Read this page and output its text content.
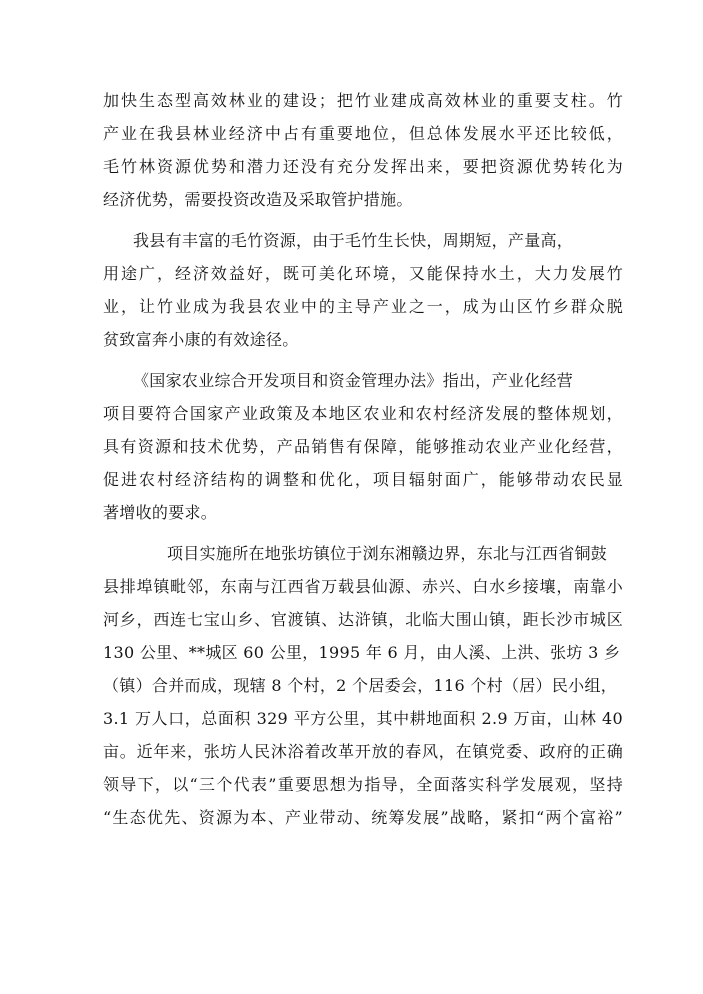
加快生态型高效林业的建设；把竹业建成高效林业的重要支柱。竹
产业在我县林业经济中占有重要地位，但总体发展水平还比较低，
毛竹林资源优势和潜力还没有充分发挥出来，要把资源优势转化为
经济优势，需要投资改造及采取管护措施。
我县有丰富的毛竹资源，由于毛竹生长快，周期短，产量高，
用途广，经济效益好，既可美化环境，又能保持水土，大力发展竹
业，让竹业成为我县农业中的主导产业之一，成为山区竹乡群众脱
贫致富奔小康的有效途径。
《国家农业综合开发项目和资金管理办法》指出，产业化经营
项目要符合国家产业政策及本地区农业和农村经济发展的整体规划，
具有资源和技术优势，产品销售有保障，能够推动农业产业化经营，
促进农村经济结构的调整和优化，项目辐射面广，能够带动农民显
著增收的要求。
项目实施所在地张坊镇位于浏东湘赣边界，东北与江西省铜鼓
县排埠镇毗邻，东南与江西省万载县仙源、赤兴、白水乡接壤，南靠小
河乡，西连七宝山乡、官渡镇、达浒镇，北临大围山镇，距长沙市城区
130 公里、**城区 60 公里，1995 年 6 月，由人溪、上洪、张坊 3 乡
（镇）合并而成，现辖 8 个村，2 个居委会，116 个村（居）民小组，
3.1 万人口，总面积 329 平方公里，其中耕地面积 2.9 万亩，山林 40
亩。近年来，张坊人民沐浴着改革开放的春风，在镇党委、政府的正确
领导下，以“三个代表”重要思想为指导，全面落实科学发展观，坚持
“生态优先、资源为本、产业带动、统筹发展”战略，紧扣“两个富裕”
